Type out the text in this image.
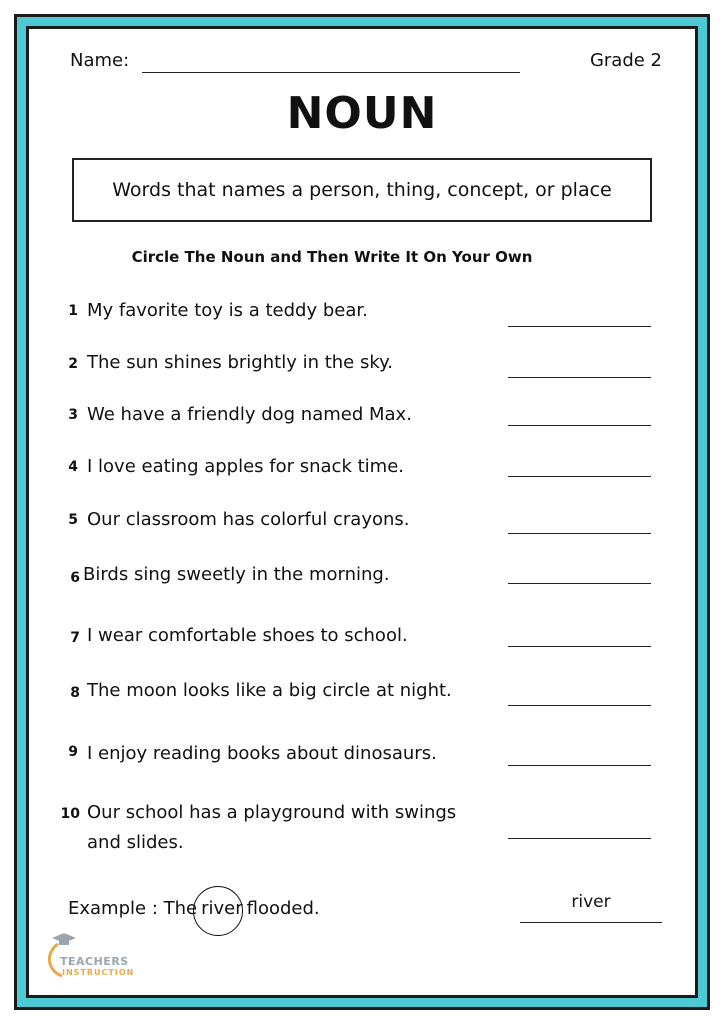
Name:	Grade 2
NOUN
Words that names a person, thing, concept, or place
Circle The Noun and Then Write It On Your Own
1 My favorite toy is a teddy bear.
2 The sun shines brightly in the sky.
3 We have a friendly dog named Max.
4 I love eating apples for snack time.
5 Our classroom has colorful crayons.
6 Birds sing sweetly in the morning.
7 I wear comfortable shoes to school.
8 The moon looks like a big circle at night.
9 I enjoy reading books about dinosaurs.
10 Our school has a playground with swings
and slides.
Example : The river flooded.	river
TEACHERS
INSTRUCTION
